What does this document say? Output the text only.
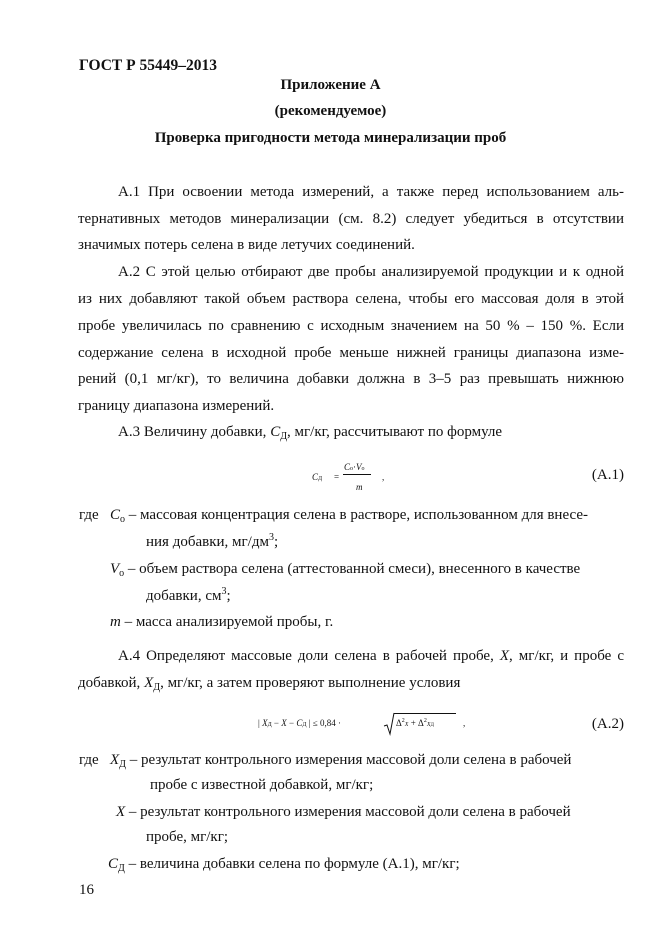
ГОСТ Р 55449–2013
Приложение А
(рекомендуемое)
Проверка пригодности метода минерализации проб
А.1 При освоении метода измерений, а также перед использованием аль-
тернативных методов минерализации (см. 8.2) следует убедиться в отсутствии
значимых потерь селена в виде летучих соединений.
А.2 С этой целью отбирают две пробы анализируемой продукции и к одной
из них добавляют такой объем раствора селена, чтобы его массовая доля в этой
пробе увеличилась по сравнению с исходным значением на 50 % – 150 %. Если
содержание селена в исходной пробе меньше нижней границы диапазона изме-
рений (0,1 мг/кг), то величина добавки должна в 3–5 раз превышать нижнюю
границу диапазона измерений.
А.3 Величину добавки, $C_Д$, мг/кг, рассчитывают по формуле
CД =
Co·Vo
m
,	(А.1)
где $C_o$ – массовая концентрация селена в растворе, использованном для внесе-
ния добавки, $мг/дм^3$;
$V_o$ – объем раствора селена (аттестованной смеси), внесенного в качестве
добавки, $см^3$;
m – масса анализируемой пробы, г.
А.4 Определяют массовые доли селена в рабочей пробе, X, мг/кг, и пробе с
добавкой, $X_Д$, мг/кг, а затем проверяют выполнение условия
| XД − X − CД | ≤ 0,84 ·	$\Delta^2X + \Delta^2XД$	,	(А.2)
где $X_Д$ – результат контрольного измерения массовой доли селена в рабочей
пробе с известной добавкой, мг/кг;
X – результат контрольного измерения массовой доли селена в рабочей
пробе, мг/кг;
$C_Д$ – величина добавки селена по формуле (А.1), мг/кг;
16
